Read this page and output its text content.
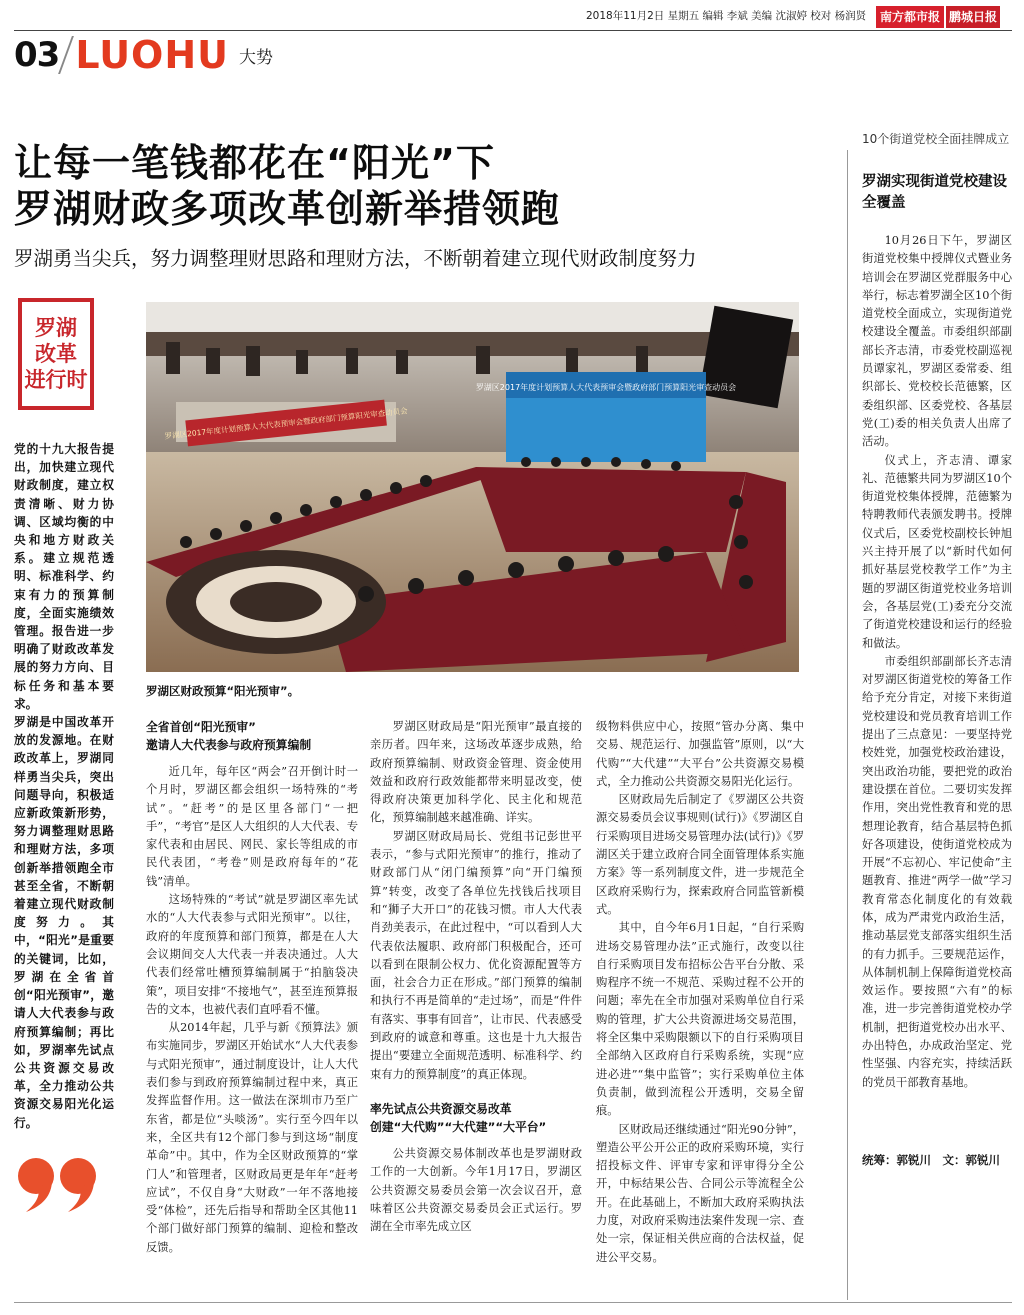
2018年11月2日 星期五 编辑 李斌 美编 沈淑婷 校对 杨润贤	南方都市报 鹏城日报
03 LUOHU 大势
让每一笔钱都花在“阳光”下
罗湖财政多项改革创新举措领跑
罗湖勇当尖兵，努力调整理财思路和理财方法，不断朝着建立现代财政制度努力
罗湖
改革
进行时

党的十九大报告提出，加快建立现代财政制度，建立权责清晰、财力协调、区域均衡的中央和地方财政关系。建立规范透明、标准科学、约束有力的预算制度，全面实施绩效管理。报告进一步明确了财政改革发展的努力方向、目标任务和基本要求。

罗湖是中国改革开放的发源地。在财政改革上，罗湖同样勇当尖兵，突出问题导向，积极适应新政策新形势，努力调整理财思路和理财方法，多项创新举措领跑全市甚至全省，不断朝着建立现代财政制度努力。其中，“阳光”是重要的关键词，比如，罗湖在全省首创“阳光预审”，邀请人大代表参与政府预算编制；再比如，罗湖率先试点公共资源交易改革，全力推动公共资源交易阳光化运行。

罗湖区2017年度计划预算人大代表预审会暨政府部门预算阳光审查动员会
罗湖区2017年度计划预算人大代表预审会暨政府部门预算阳光审查动员会
罗湖区财政预算“阳光预审”。

全省首创“阳光预审”

邀请人大代表参与政府预算编制

近几年，每年区“两会”召开倒计时一个月时，罗湖区都会组织一场特殊的“考试”。“赶考”的是区里各部门“一把手”，“考官”是区人大组织的人大代表、专家代表和由居民、网民、家长等组成的市民代表团，“考卷”则是政府每年的“花钱”清单。

这场特殊的“考试”就是罗湖区率先试水的“人大代表参与式阳光预审”。以往，政府的年度预算和部门预算，都是在人大会议期间交人大代表一并表决通过。人大代表们经常吐槽预算编制属于“拍脑袋决策”，项目安排“不接地气”，甚至连预算报告的文本，也被代表们直呼看不懂。

从2014年起，几乎与新《预算法》颁布实施同步，罗湖区开始试水“人大代表参与式阳光预审”，通过制度设计，让人大代表们参与到政府预算编制过程中来，真正发挥监督作用。这一做法在深圳市乃至广东省，都是位“头啖汤”。实行至今四年以来，全区共有12个部门参与到这场“制度革命”中。其中，作为全区财政预算的“掌门人”和管理者，区财政局更是年年“赶考应试”，不仅自身“大财政”一年不落地接受“体检”，还先后指导和帮助全区其他11个部门做好部门预算的编制、迎检和整改反馈。

罗湖区财政局是“阳光预审”最直接的亲历者。四年来，这场改革逐步成熟，给政府预算编制、财政资金管理、资金使用效益和政府行政效能都带来明显改变，使得政府决策更加科学化、民主化和规范化，预算编制越来越准确、详实。

罗湖区财政局局长、党组书记彭世平表示，“参与式阳光预审”的推行，推动了财政部门从“闭门编预算”向“开门编预算”转变，改变了各单位先找钱后找项目和“狮子大开口”的花钱习惯。市人大代表肖劲美表示，在此过程中，“可以看到人大代表依法履职、政府部门积极配合，还可以看到在限制公权力、优化资源配置等方面，社会合力正在形成。”部门预算的编制和执行不再是简单的“走过场”，而是“件件有落实、事事有回音”，让市民、代表感受到政府的诚意和尊重。这也是十九大报告提出“要建立全面规范透明、标准科学、约束有力的预算制度”的真正体现。

率先试点公共资源交易改革

创建“大代购”“大代建”“大平台”

公共资源交易体制改革也是罗湖财政工作的一大创新。今年1月17日，罗湖区公共资源交易委员会第一次会议召开，意味着区公共资源交易委员会正式运行。罗湖在全市率先成立区

级物料供应中心，按照“管办分离、集中交易、规范运行、加强监管”原则，以“大代购”“大代建”“大平台”公共资源交易模式，全力推动公共资源交易阳光化运行。

区财政局先后制定了《罗湖区公共资源交易委员会议事规则(试行)》《罗湖区自行采购项目进场交易管理办法(试行)》《罗湖区关于建立政府合同全面管理体系实施方案》等一系列制度文件，进一步规范全区政府采购行为，探索政府合同监管新模式。

其中，自今年6月1日起，“自行采购进场交易管理办法”正式施行，改变以往自行采购项目发布招标公告平台分散、采购程序不统一不规范、采购过程不公开的问题；率先在全市加强对采购单位自行采购的管理，扩大公共资源进场交易范围，将全区集中采购限额以下的自行采购项目全部纳入区政府自行采购系统，实现“应进必进”“集中监管”；实行采购单位主体负责制，做到流程公开透明，交易全留痕。

区财政局还继续通过“阳光90分钟”，塑造公平公开公正的政府采购环境，实行招投标文件、评审专家和评审得分全公开，中标结果公告、合同公示等流程全公开。在此基础上，不断加大政府采购执法力度，对政府采购违法案件发现一宗、查处一宗，保证相关供应商的合法权益，促进公平交易。

10个街道党校全面挂牌成立
罗湖实现街道党校建设全覆盖

10月26日下午，罗湖区街道党校集中授牌仪式暨业务培训会在罗湖区党群服务中心举行，标志着罗湖全区10个街道党校全面成立，实现街道党校建设全覆盖。市委组织部副部长齐志清，市委党校副巡视员谭家礼，罗湖区委常委、组织部长、党校校长范德繁，区委组织部、区委党校、各基层党(工)委的相关负责人出席了活动。

仪式上，齐志清、谭家礼、范德繁共同为罗湖区10个街道党校集体授牌，范德繁为特聘教师代表颁发聘书。授牌仪式后，区委党校副校长钟旭兴主持开展了以“新时代如何抓好基层党校教学工作”为主题的罗湖区街道党校业务培训会，各基层党(工)委充分交流了街道党校建设和运行的经验和做法。

市委组织部副部长齐志清对罗湖区街道党校的筹备工作给予充分肯定，对接下来街道党校建设和党员教育培训工作提出了三点意见：一要坚持党校姓党，加强党校政治建设，突出政治功能，要把党的政治建设摆在首位。二要切实发挥作用，突出党性教育和党的思想理论教育，结合基层特色抓好各项建设，使街道党校成为开展“不忘初心、牢记使命”主题教育、推进“两学一做”学习教育常态化制度化的有效载体，成为严肃党内政治生活，推动基层党支部落实组织生活的有力抓手。三要规范运作，从体制机制上保障街道党校高效运作。要按照“六有”的标准，进一步完善街道党校办学机制，把街道党校办出水平、办出特色，办成政治坚定、党性坚强、内容充实，持续活跃的党员干部教育基地。

统筹：郭锐川　文：郭锐川
